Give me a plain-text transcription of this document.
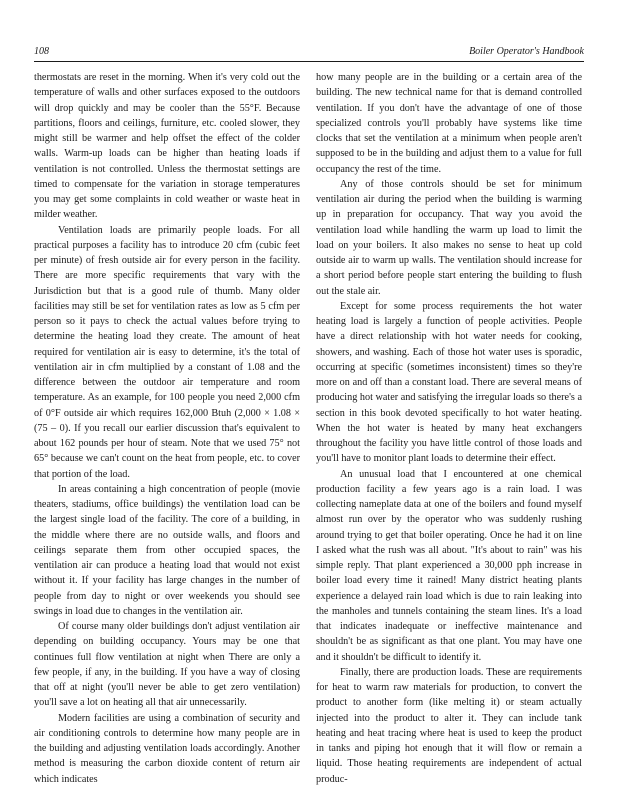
108	Boiler Operator's Handbook

thermostats are reset in the morning. When it's very cold out the temperature of walls and other surfaces exposed to the outdoors will drop quickly and may be cooler than the 55°F. Because partitions, floors and ceilings, furniture, etc. cooled slower, they might still be warmer and help offset the effect of the colder walls. Warm-up loads can be higher than heating loads if ventilation is not controlled. Unless the thermostat settings are timed to compensate for the variation in storage temperatures you may get some complaints in cold weather or waste heat in milder weather.

Ventilation loads are primarily people loads. For all practical purposes a facility has to introduce 20 cfm (cubic feet per minute) of fresh outside air for every person in the facility. There are more specific requirements that vary with the Jurisdiction but that is a good rule of thumb. Many older facilities may still be set for ventilation rates as low as 5 cfm per person so it pays to check the actual values before trying to determine the heating load they create. The amount of heat required for ventilation air is easy to determine, it's the total of ventilation air in cfm multiplied by a constant of 1.08 and the difference between the outdoor air temperature and room temperature. As an example, for 100 people you need 2,000 cfm of 0°F outside air which requires 162,000 Btuh (2,000 × 1.08 × (75 – 0). If you recall our earlier discussion that's equivalent to about 162 pounds per hour of steam. Note that we used 75° not 65° because we can't count on the heat from people, etc. to cover that portion of the load.

In areas containing a high concentration of people (movie theaters, stadiums, office buildings) the ventilation load can be the largest single load of the facility. The core of a building, in the middle where there are no outside walls, and floors and ceilings separate them from other occupied spaces, the ventilation air can produce a heating load that would not exist without it. If your facility has large changes in the number of people from day to night or over weekends you should see swings in load due to changes in the ventilation air.

Of course many older buildings don't adjust ventilation air depending on building occupancy. Yours may be one that continues full flow ventilation at night when There are only a few people, if any, in the building. If you have a way of closing that off at night (you'll never be able to get zero ventilation) you'll save a lot on heating all that air unnecessarily.

Modern facilities are using a combination of security and air conditioning controls to determine how many people are in the building and adjusting ventilation loads accordingly. Another method is measuring the carbon dioxide content of return air which indicates

how many people are in the building or a certain area of the building. The new technical name for that is demand controlled ventilation. If you don't have the advantage of one of those specialized controls you'll probably have systems like time clocks that set the ventilation at a minimum when people aren't supposed to be in the building and adjust them to a value for full occupancy the rest of the time.

Any of those controls should be set for minimum ventilation air during the period when the building is warming up in preparation for occupancy. That way you avoid the ventilation load while handling the warm up load to limit the load on your boilers. It also makes no sense to heat up cold outside air to warm up walls. The ventilation should increase for a short period before people start entering the building to flush out the stale air.

Except for some process requirements the hot water heating load is largely a function of people activities. People have a direct relationship with hot water needs for cooking, showers, and washing. Each of those hot water uses is sporadic, occurring at specific (sometimes inconsistent) times so they're more on and off than a constant load. There are several means of producing hot water and satisfying the irregular loads so there's a section in this book devoted specifically to hot water heating. When the hot water is heated by many heat exchangers throughout the facility you have little control of those loads and you'll have to monitor plant loads to determine their effect.

An unusual load that I encountered at one chemical production facility a few years ago is a rain load. I was collecting nameplate data at one of the boilers and found myself almost run over by the operator who was suddenly rushing around trying to get that boiler operating. Once he had it on line I asked what the rush was all about. "It's about to rain" was his simple reply. That plant experienced a 30,000 pph increase in boiler load every time it rained! Many district heating plants experience a delayed rain load which is due to rain leaking into the manholes and tunnels containing the steam lines. It's a load that indicates inadequate or ineffective maintenance and shouldn't be as significant as that one plant. You may have one and it shouldn't be difficult to identify it.

Finally, there are production loads. These are requirements for heat to warm raw materials for production, to convert the product to another form (like melting it) or steam actually injected into the product to alter it. They can include tank heating and heat tracing where heat is used to keep the product in tanks and piping hot enough that it will flow or remain a liquid. Those heating requirements are independent of actual produc-
